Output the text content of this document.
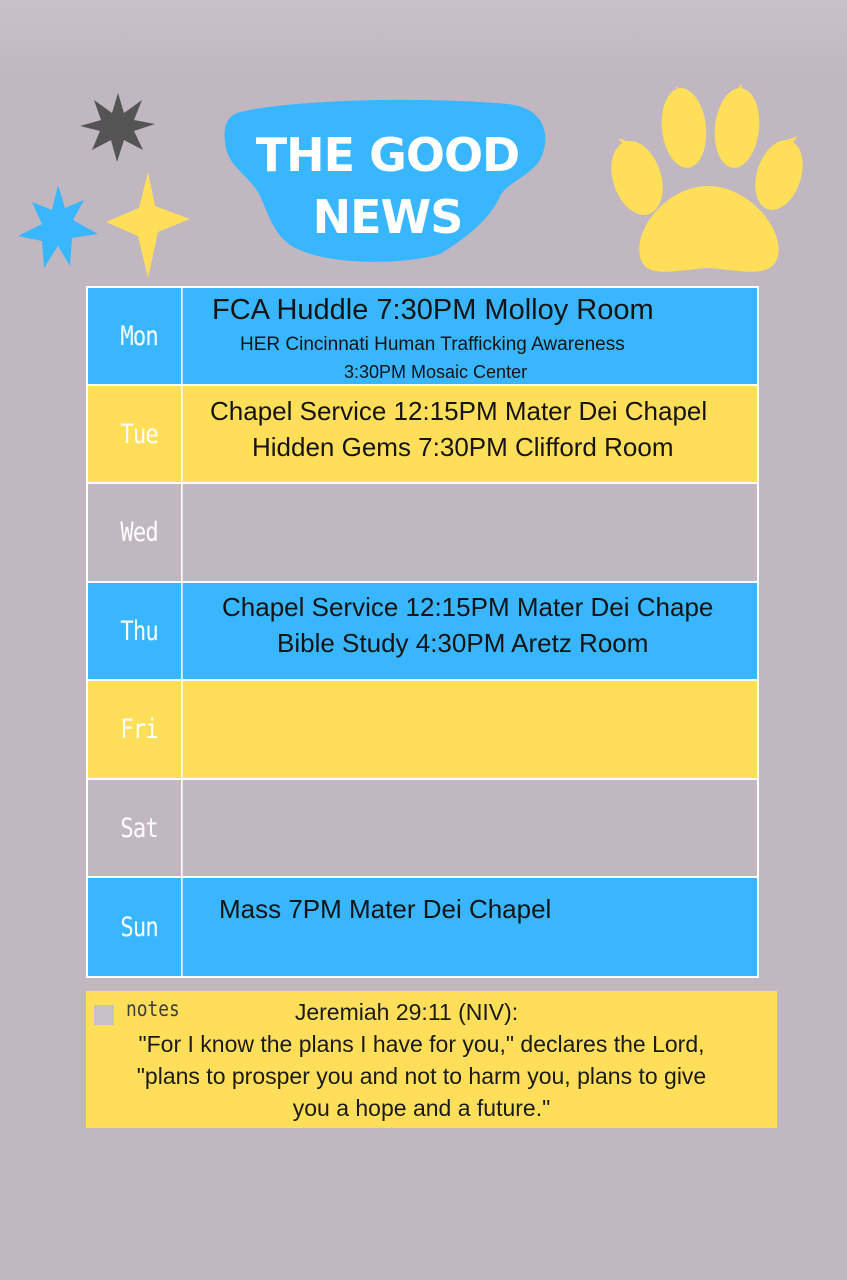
THE GOOD
NEWS
Mon
FCA Huddle 7:30PM Molloy Room
HER Cincinnati Human Trafficking Awareness
3:30PM Mosaic Center
Tue
Chapel Service 12:15PM Mater Dei Chapel
Hidden Gems 7:30PM Clifford Room
Wed
Thu
Chapel Service 12:15PM Mater Dei Chape
Bible Study 4:30PM Aretz Room
Fri
Sat
Sun
Mass 7PM Mater Dei Chapel
notes	Jeremiah 29:11 (NIV):
"For I know the plans I have for you," declares the Lord,
"plans to prosper you and not to harm you, plans to give
you a hope and a future."
